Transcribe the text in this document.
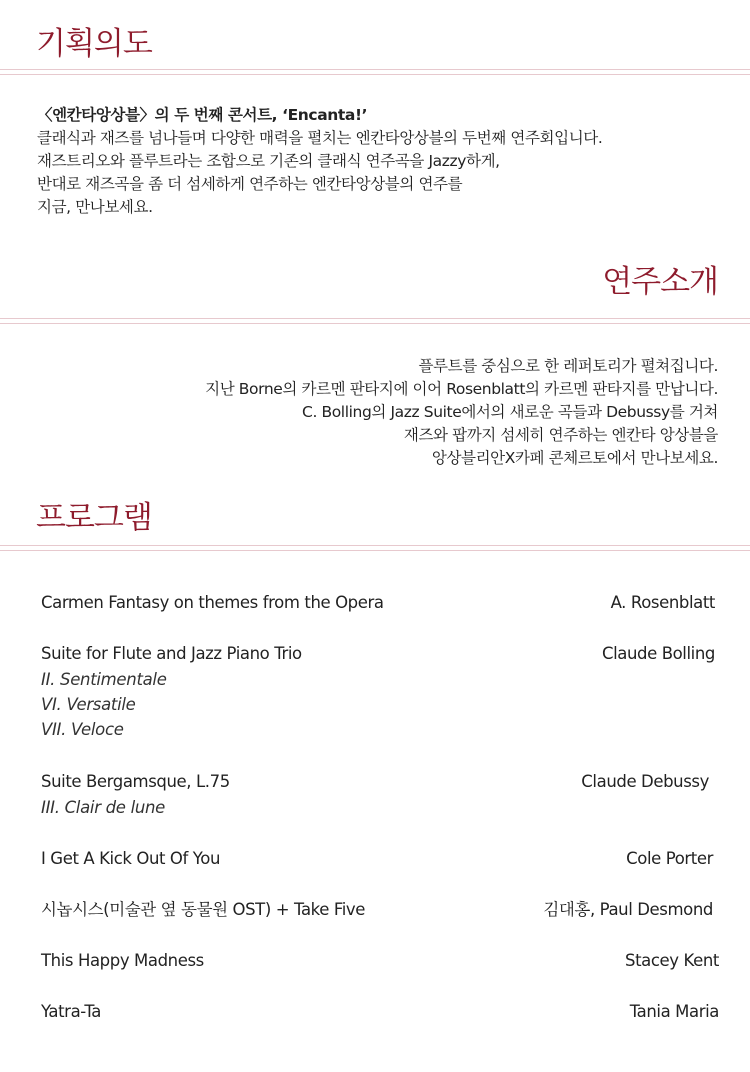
기획의도
〈엔칸타앙상블〉의 두 번째 콘서트, ‘Encanta!’
클래식과 재즈를 넘나들며 다양한 매력을 펼치는 엔칸타앙상블의 두번째 연주회입니다.
재즈트리오와 플루트라는 조합으로 기존의 클래식 연주곡을 Jazzy하게,
반대로 재즈곡을 좀 더 섬세하게 연주하는 엔칸타앙상블의 연주를
지금, 만나보세요.
연주소개
플루트를 중심으로 한 레퍼토리가 펼쳐집니다.
지난 Borne의 카르멘 판타지에 이어 Rosenblatt의 카르멘 판타지를 만납니다.
C. Bolling의 Jazz Suite에서의 새로운 곡들과 Debussy를 거쳐
재즈와 팝까지 섬세히 연주하는 엔칸타 앙상블을
앙상블리안X카페 콘체르토에서 만나보세요.
프로그램
Carmen Fantasy on themes from the Opera	A. Rosenblatt
Suite for Flute and Jazz Piano Trio	Claude Bolling
II. Sentimentale
VI. Versatile
VII. Veloce
Suite Bergamsque, L.75	Claude Debussy
III. Clair de lune
I Get A Kick Out Of You	Cole Porter
시놉시스(미술관 옆 동물원 OST) + Take Five	김대홍, Paul Desmond
This Happy Madness	Stacey Kent
Yatra-Ta	Tania Maria
